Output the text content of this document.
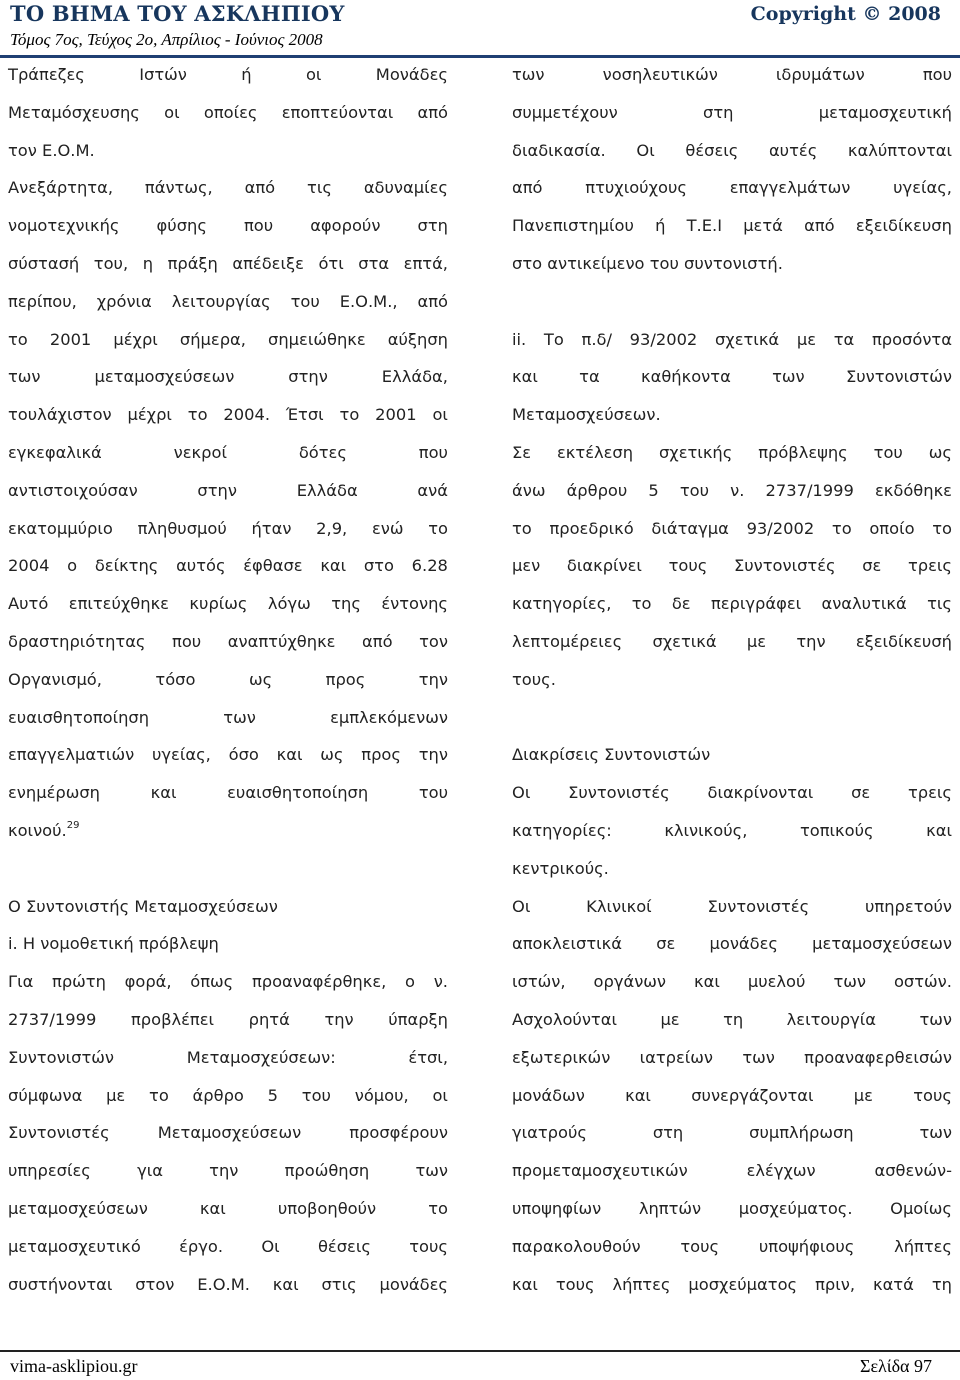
ΤΟ ΒΗΜΑ ΤΟΥ ΑΣΚΛΗΠΙΟΥ
Τόμος 7ος, Τεύχος 2ο, Απρίλιος - Ιούνιος 2008
Copyright © 2008
Τράπεζες	Ιστών	ή	οι	Μονάδες
Μεταμόσχευσης οι οποίες εποπτεύονται από
τον Ε.Ο.Μ.
Ανεξάρτητα, πάντως, από τις αδυναμίες
νομοτεχνικής φύσης που αφορούν στη
σύστασή του, η πράξη απέδειξε ότι στα επτά,
περίπου, χρόνια λειτουργίας του Ε.Ο.Μ., από
το 2001 μέχρι σήμερα, σημειώθηκε αύξηση
των	μεταμοσχεύσεων	στην	Ελλάδα,
τουλάχιστον μέχρι το 2004. Έτσι το 2001 οι
εγκεφαλικά	νεκροί	δότες	που
αντιστοιχούσαν	στην	Ελλάδα	ανά
εκατομμύριο πληθυσμού ήταν 2,9, ενώ το
2004 ο δείκτης αυτός έφθασε και στο 6.28
Αυτό επιτεύχθηκε κυρίως λόγω της έντονης
δραστηριότητας που αναπτύχθηκε από τον
Οργανισμό,	τόσο	ως	προς	την
ευαισθητοποίηση	των	εμπλεκόμενων
επαγγελματιών υγείας, όσο και ως προς την
ενημέρωση	και	ευαισθητοποίηση	του
κοινού.$^{29}$
Ο Συντονιστής Μεταμοσχεύσεων
i. Η νομοθετική πρόβλεψη
Για πρώτη φορά, όπως προαναφέρθηκε, ο ν.
2737/1999 προβλέπει ρητά την ύπαρξη
Συντονιστών	Μεταμοσχεύσεων:	έτσι,
σύμφωνα με το άρθρο 5 του νόμου, οι
Συντονιστές	Μεταμοσχεύσεων	προσφέρουν
υπηρεσίες	για	την	προώθηση	των
μεταμοσχεύσεων	και	υποβοηθούν	το
μεταμοσχευτικό έργο. Οι θέσεις τους
συστήνονται στον Ε.Ο.Μ. και στις μονάδες
των	νοσηλευτικών	ιδρυμάτων	που
συμμετέχουν	στη	μεταμοσχευτική
διαδικασία. Οι θέσεις αυτές καλύπτονται
από	πτυχιούχους	επαγγελμάτων	υγείας,
Πανεπιστημίου ή Τ.Ε.Ι μετά από εξειδίκευση
στο αντικείμενο του συντονιστή.
ii. Το π.δ/ 93/2002 σχετικά με τα προσόντα
και	τα	καθήκοντα	των	Συντονιστών
Μεταμοσχεύσεων.
Σε εκτέλεση σχετικής πρόβλεψης του ως
άνω άρθρου 5 του ν. 2737/1999 εκδόθηκε
το προεδρικό διάταγμα 93/2002 το οποίο το
μεν διακρίνει τους Συντονιστές σε τρεις
κατηγορίες, το δε περιγράφει αναλυτικά τις
λεπτομέρειες σχετικά με την εξειδίκευσή
τους.
Διακρίσεις Συντονιστών
Οι Συντονιστές διακρίνονται σε τρεις
κατηγορίες:	κλινικούς,	τοπικούς	και
κεντρικούς.
Οι	Κλινικοί	Συντονιστές	υπηρετούν
αποκλειστικά σε μονάδες μεταμοσχεύσεων
ιστών, οργάνων και μυελού των οστών.
Ασχολούνται	με	τη	λειτουργία	των
εξωτερικών ιατρείων των προαναφερθεισών
μονάδων και συνεργάζονται με τους
γιατρούς	στη	συμπλήρωση	των
προμεταμοσχευτικών	ελέγχων	ασθενών-
υποψηφίων ληπτών μοσχεύματος. Ομοίως
παρακολουθούν τους υποψήφιους λήπτες
και τους λήπτες μοσχεύματος πριν, κατά τη
vima-asklipiou.gr	Σελίδα 97
